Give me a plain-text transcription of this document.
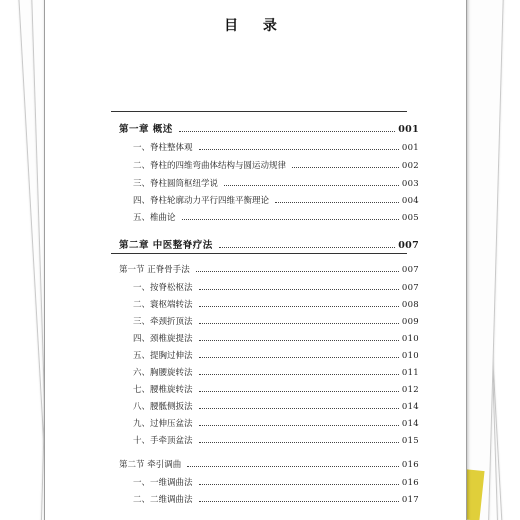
目 录
第一章 概述	001
一、脊柱整体观	001
二、脊柱的四维弯曲体结构与圆运动规律	002
三、脊柱圆筒枢纽学说	003
四、脊柱轮廓动力平行四维平衡理论	004
五、椎曲论	005
第二章 中医整脊疗法	007
第一节 正脊骨手法	007
一、按脊松枢法	007
二、寰枢端转法	008
三、牵颈折顶法	009
四、颈椎旋提法	010
五、提胸过伸法	010
六、胸腰旋转法	011
七、腰椎旋转法	012
八、腰骶侧扳法	014
九、过伸压盆法	014
十、手牵顶盆法	015
第二节 牵引调曲	016
一、一维调曲法	016
二、二维调曲法	017
